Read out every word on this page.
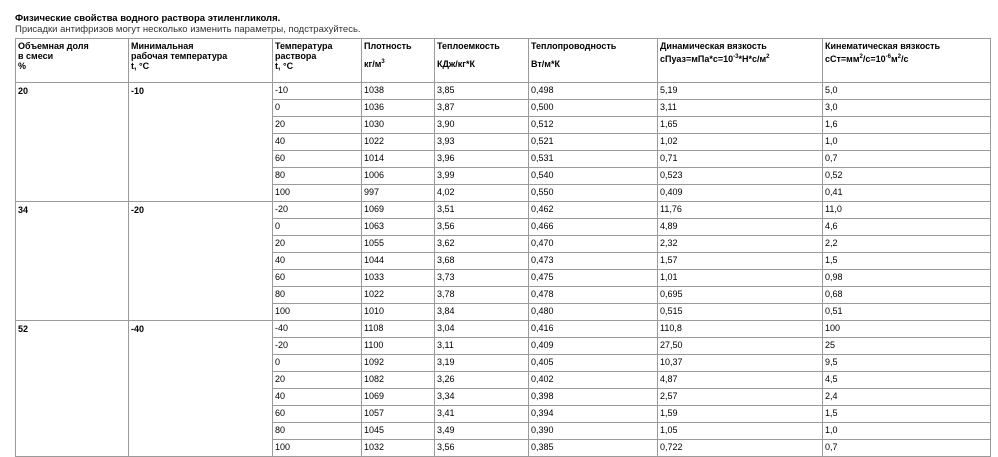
Физические свойства водного раствора этиленгликоля.
Присадки антифризов могут несколько изменить параметры, подстрахуйтесь.
Объемная доля
в смеси
%	Минимальная
рабочая температура
t, °C	Температура
раствора
t, °C	Плотность
$кг/м^3$	Теплоемкость
КДж/кг*К	Теплопроводность
Вт/м*К	Динамическая вязкость
$сПуаз=мПа*с=10^{-3}*Н*с/м^2$	Кинематическая вязкость
$сСт=мм^2/с=10^{-6}м^2/с$

20	-10	-10	1038	3,85	0,498	5,19	5,0
		0	1036	3,87	0,500	3,11	3,0
		20	1030	3,90	0,512	1,65	1,6
		40	1022	3,93	0,521	1,02	1,0
		60	1014	3,96	0,531	0,71	0,7
		80	1006	3,99	0,540	0,523	0,52
		100	997	4,02	0,550	0,409	0,41
34	-20	-20	1069	3,51	0,462	11,76	11,0
		0	1063	3,56	0,466	4,89	4,6
		20	1055	3,62	0,470	2,32	2,2
		40	1044	3,68	0,473	1,57	1,5
		60	1033	3,73	0,475	1,01	0,98
		80	1022	3,78	0,478	0,695	0,68
		100	1010	3,84	0,480	0,515	0,51
52	-40	-40	1108	3,04	0,416	110,8	100
		-20	1100	3,11	0,409	27,50	25
		0	1092	3,19	0,405	10,37	9,5
		20	1082	3,26	0,402	4,87	4,5
		40	1069	3,34	0,398	2,57	2,4
		60	1057	3,41	0,394	1,59	1,5
		80	1045	3,49	0,390	1,05	1,0
		100	1032	3,56	0,385	0,722	0,7
